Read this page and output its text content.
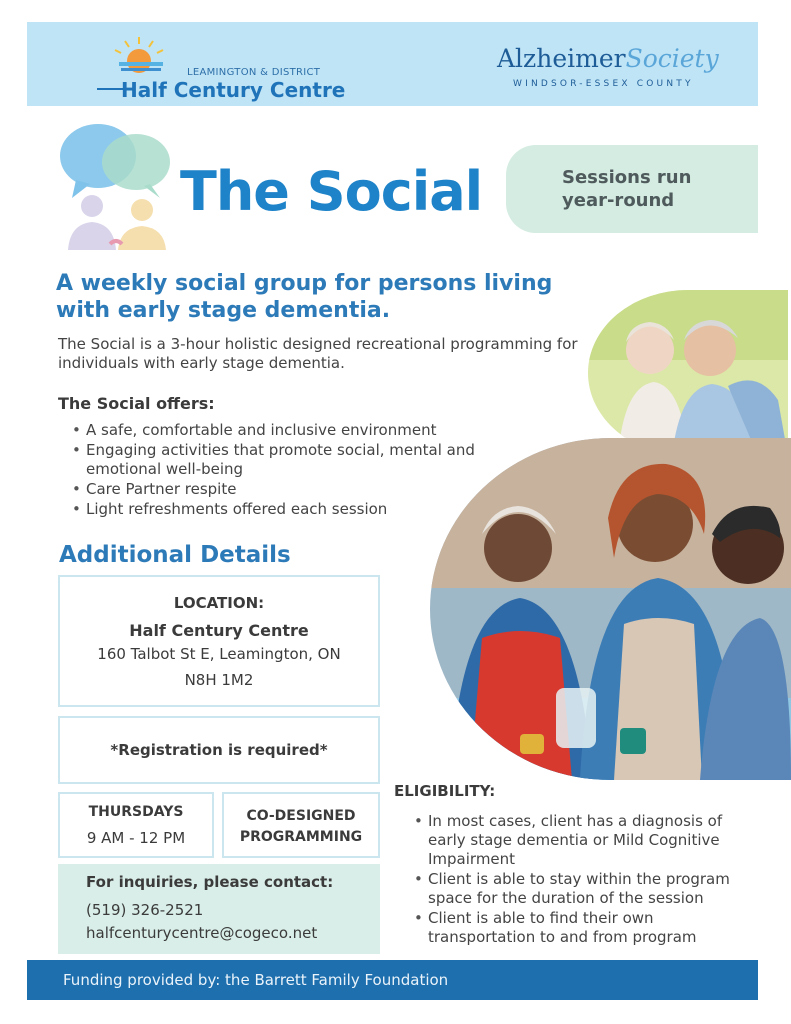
LEAMINGTON & DISTRICT
Half Century Centre
AlzheimerSociety
WINDSOR-ESSEX COUNTY
The Social	Sessions run year-round
A weekly social group for persons living with early stage dementia.
The Social is a 3-hour holistic designed recreational programming for individuals with early stage dementia.
The Social offers:
• A safe, comfortable and inclusive environment
• Engaging activities that promote social, mental and emotional well-being
• Care Partner respite
• Light refreshments offered each session
Additional Details
LOCATION:
Half Century Centre
160 Talbot St E, Leamington, ON
N8H 1M2
*Registration is required*
THURSDAYS
9 AM - 12 PM
CO-DESIGNED
PROGRAMMING
For inquiries, please contact:
(519) 326-2521
halfcenturycentre@cogeco.net
ELIGIBILITY:
• In most cases, client has a diagnosis of early stage dementia or Mild Cognitive Impairment
• Client is able to stay within the program space for the duration of the session
• Client is able to find their own transportation to and from program
Funding provided by: the Barrett Family Foundation
